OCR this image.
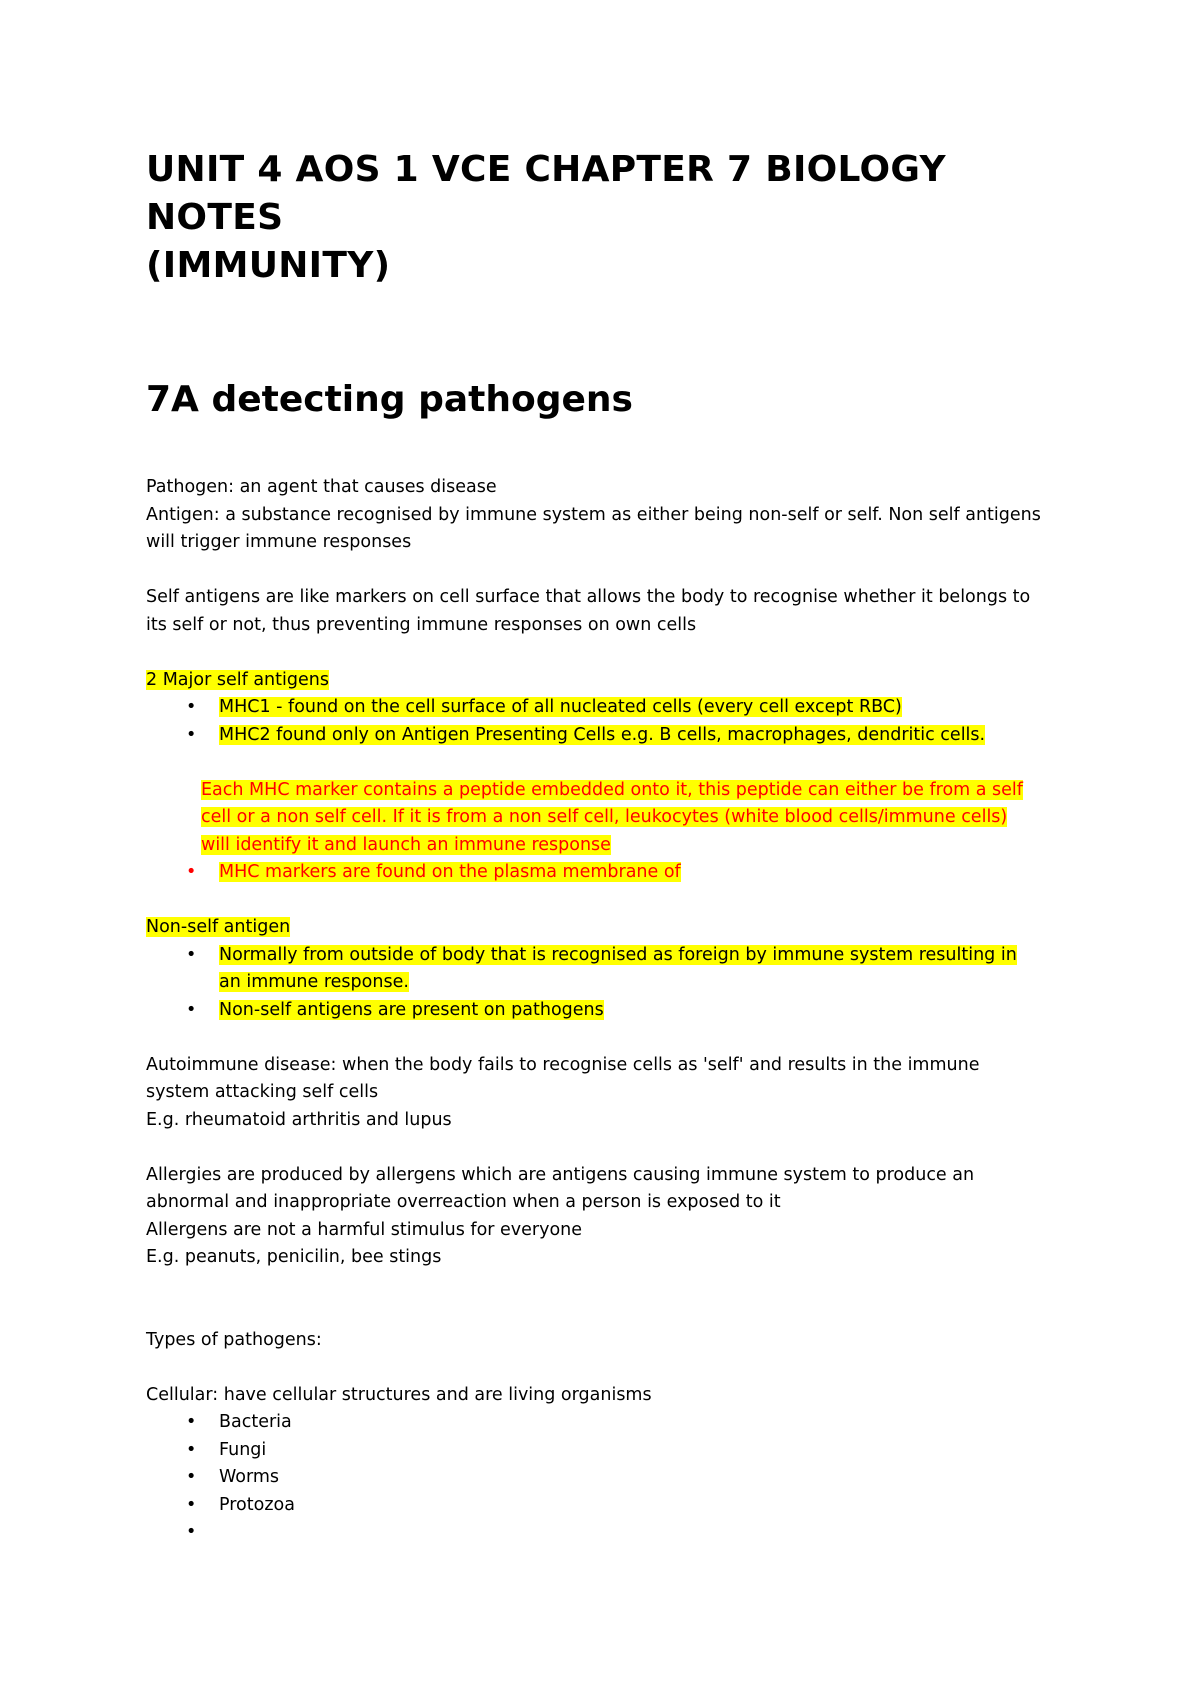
UNIT 4 AOS 1 VCE CHAPTER 7 BIOLOGY
NOTES
(IMMUNITY)
7A detecting pathogens
Pathogen: an agent that causes disease
Antigen: a substance recognised by immune system as either being non-self or self. Non self antigens
will trigger immune responses
Self antigens are like markers on cell surface that allows the body to recognise whether it belongs to
its self or not, thus preventing immune responses on own cells
2 Major self antigens
• MHC1 - found on the cell surface of all nucleated cells (every cell except RBC)
• MHC2 found only on Antigen Presenting Cells e.g. B cells, macrophages, dendritic cells.
Each MHC marker contains a peptide embedded onto it, this peptide can either be from a self
cell or a non self cell. If it is from a non self cell, leukocytes (white blood cells/immune cells)
will identify it and launch an immune response
• MHC markers are found on the plasma membrane of
Non-self antigen
• Normally from outside of body that is recognised as foreign by immune system resulting in
an immune response.
• Non-self antigens are present on pathogens
Autoimmune disease: when the body fails to recognise cells as 'self' and results in the immune
system attacking self cells
E.g. rheumatoid arthritis and lupus
Allergies are produced by allergens which are antigens causing immune system to produce an
abnormal and inappropriate overreaction when a person is exposed to it
Allergens are not a harmful stimulus for everyone
E.g. peanuts, penicilin, bee stings
Types of pathogens:
Cellular: have cellular structures and are living organisms
• Bacteria
• Fungi
• Worms
• Protozoa
•
